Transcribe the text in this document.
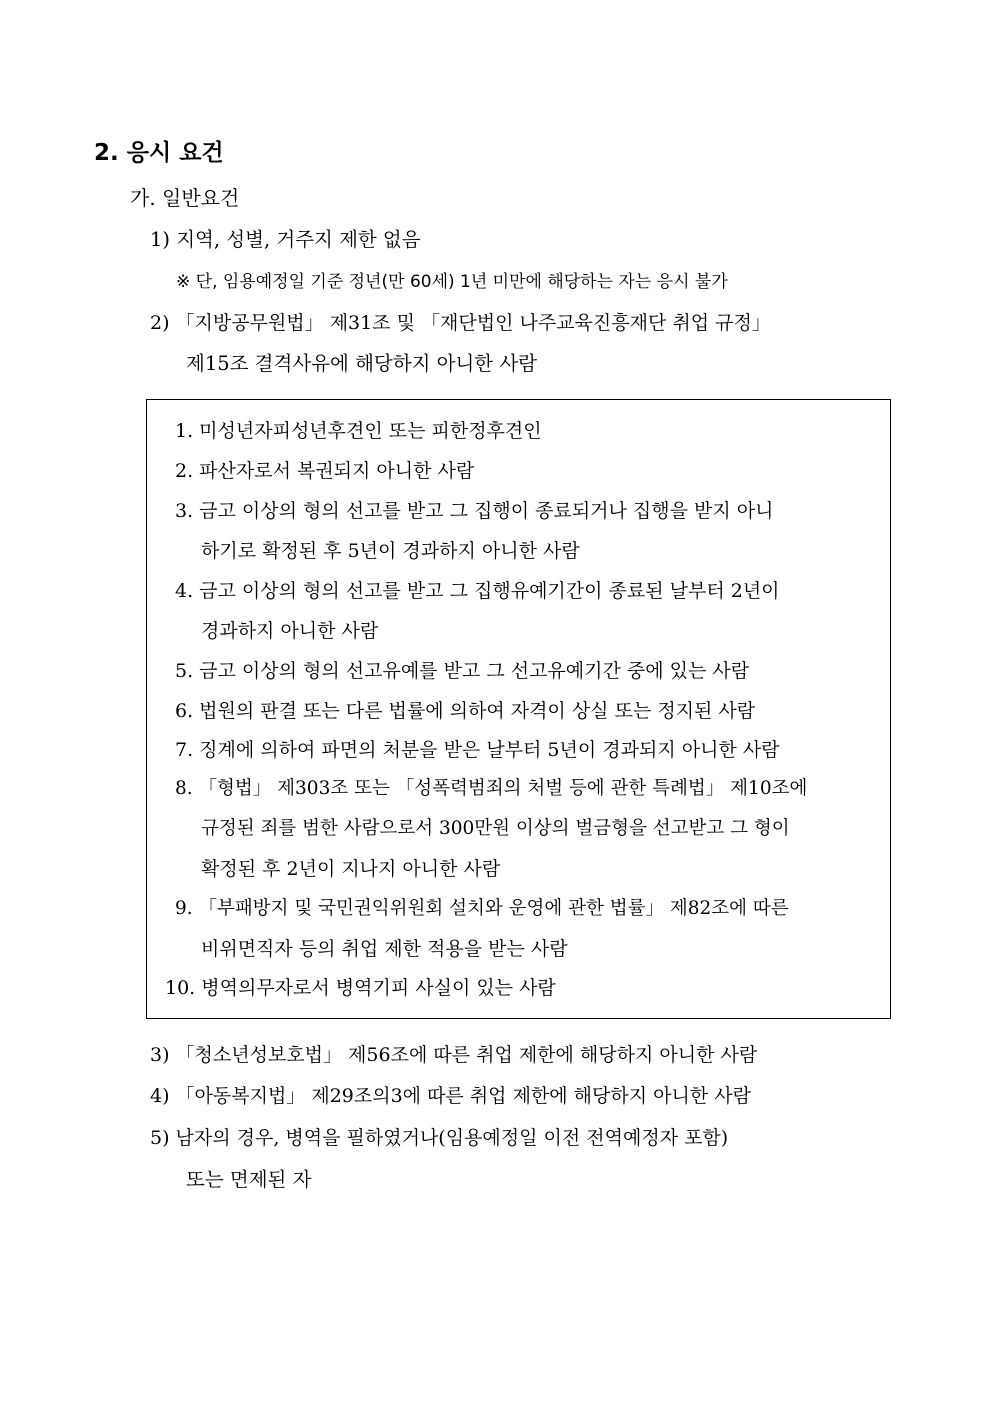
2. 응시 요건
가. 일반요건
1) 지역, 성별, 거주지 제한 없음
※ 단, 임용예정일 기준 정년(만 60세) 1년 미만에 해당하는 자는 응시 불가
2) 「지방공무원법」 제31조 및 「재단법인 나주교육진흥재단 취업 규정」
제15조 결격사유에 해당하지 아니한 사람
1. 미성년자피성년후견인 또는 피한정후견인
2. 파산자로서 복권되지 아니한 사람
3. 금고 이상의 형의 선고를 받고 그 집행이 종료되거나 집행을 받지 아니
하기로 확정된 후 5년이 경과하지 아니한 사람
4. 금고 이상의 형의 선고를 받고 그 집행유예기간이 종료된 날부터 2년이
경과하지 아니한 사람
5. 금고 이상의 형의 선고유예를 받고 그 선고유예기간 중에 있는 사람
6. 법원의 판결 또는 다른 법률에 의하여 자격이 상실 또는 정지된 사람
7. 징계에 의하여 파면의 처분을 받은 날부터 5년이 경과되지 아니한 사람
8. 「형법」 제303조 또는 「성폭력범죄의 처벌 등에 관한 특례법」 제10조에
규정된 죄를 범한 사람으로서 300만원 이상의 벌금형을 선고받고 그 형이
확정된 후 2년이 지나지 아니한 사람
9. 「부패방지 및 국민권익위원회 설치와 운영에 관한 법률」 제82조에 따른
비위면직자 등의 취업 제한 적용을 받는 사람
10. 병역의무자로서 병역기피 사실이 있는 사람
3) 「청소년성보호법」 제56조에 따른 취업 제한에 해당하지 아니한 사람
4) 「아동복지법」 제29조의3에 따른 취업 제한에 해당하지 아니한 사람
5) 남자의 경우, 병역을 필하였거나(임용예정일 이전 전역예정자 포함)
또는 면제된 자
